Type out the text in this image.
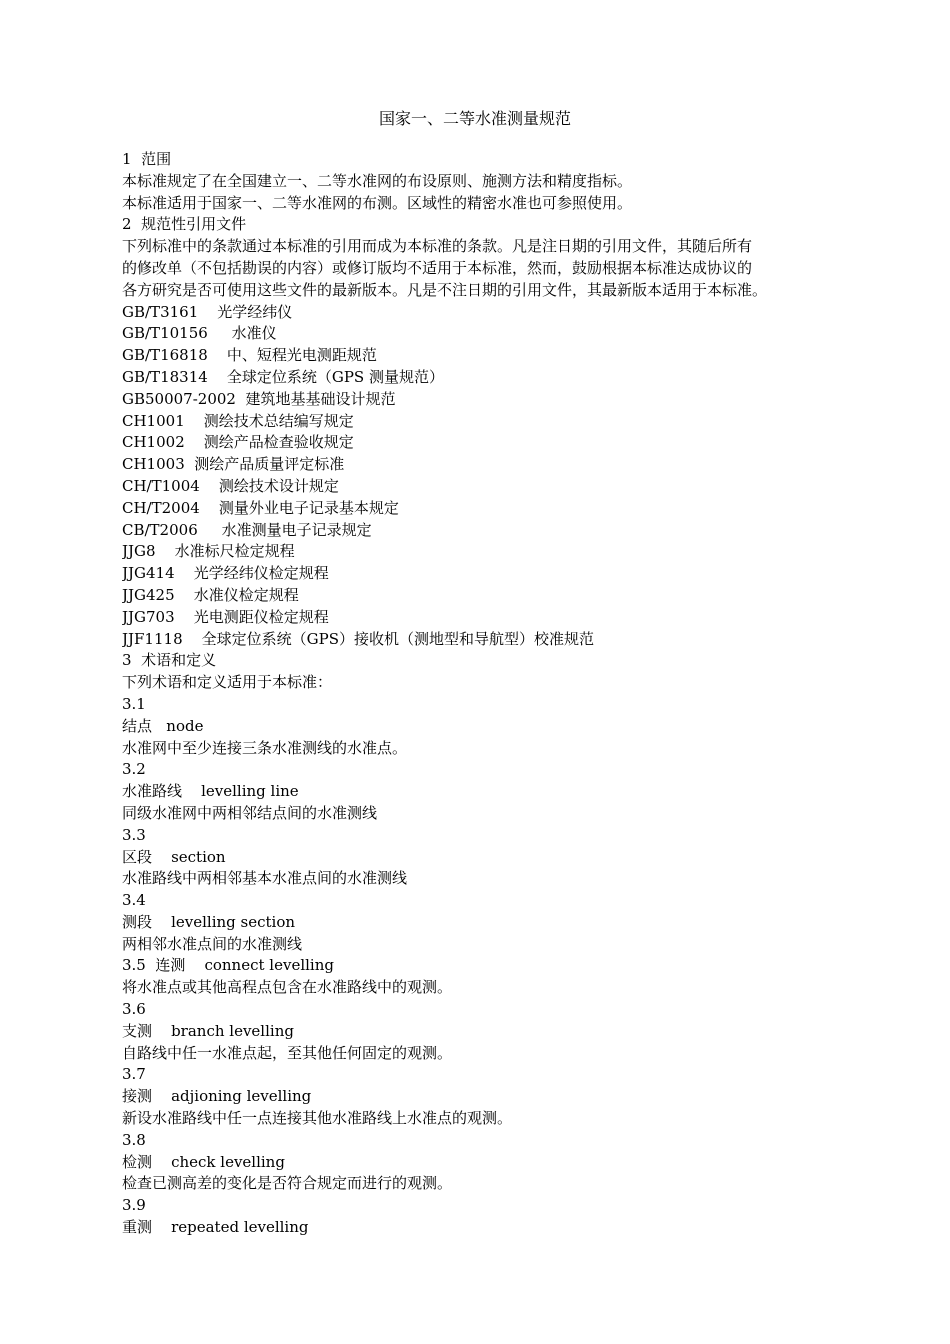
国家一、二等水准测量规范
1  范围
本标准规定了在全国建立一、二等水准网的布设原则、施测方法和精度指标。
本标准适用于国家一、二等水准网的布测。区域性的精密水准也可参照使用。
2  规范性引用文件
下列标准中的条款通过本标准的引用而成为本标准的条款。凡是注日期的引用文件，其随后所有
的修改单（不包括勘误的内容）或修订版均不适用于本标准，然而，鼓励根据本标准达成协议的
各方研究是否可使用这些文件的最新版本。凡是不注日期的引用文件，其最新版本适用于本标准。
GB/T3161    光学经纬仪
GB/T10156     水准仪
GB/T16818    中、短程光电测距规范
GB/T18314    全球定位系统（GPS 测量规范）
GB50007-2002  建筑地基基础设计规范
CH1001    测绘技术总结编写规定
CH1002    测绘产品检查验收规定
CH1003  测绘产品质量评定标准
CH/T1004    测绘技术设计规定
CH/T2004    测量外业电子记录基本规定
CB/T2006     水准测量电子记录规定
JJG8    水准标尺检定规程
JJG414    光学经纬仪检定规程
JJG425    水准仪检定规程
JJG703    光电测距仪检定规程
JJF1118    全球定位系统（GPS）接收机（测地型和导航型）校准规范
3  术语和定义
下列术语和定义适用于本标准：
3.1
结点   node
水准网中至少连接三条水准测线的水准点。
3.2
水准路线    levelling line
同级水准网中两相邻结点间的水准测线
3.3
区段    section
水准路线中两相邻基本水准点间的水准测线
3.4
测段    levelling section
两相邻水准点间的水准测线
3.5  连测    connect levelling
将水准点或其他高程点包含在水准路线中的观测。
3.6
支测    branch levelling
自路线中任一水准点起，至其他任何固定的观测。
3.7
接测    adjioning levelling
新设水准路线中任一点连接其他水准路线上水准点的观测。
3.8
检测    check levelling
检查已测高差的变化是否符合规定而进行的观测。
3.9
重测    repeated levelling
